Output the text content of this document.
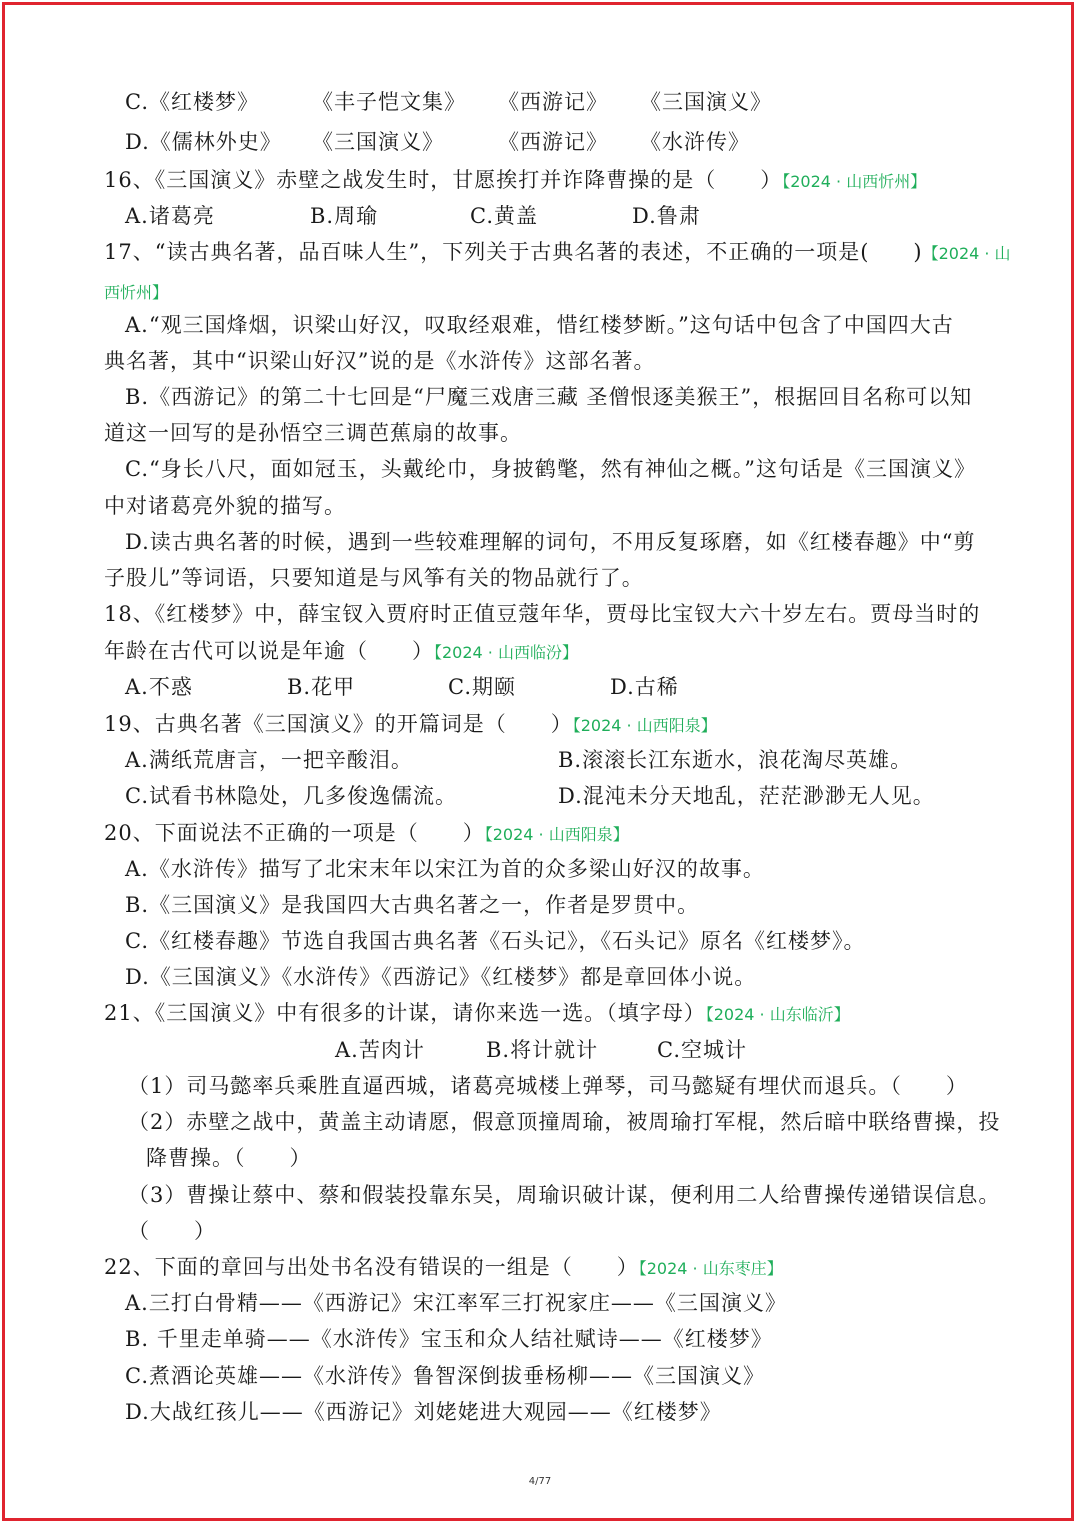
C.《红楼梦》	《丰子恺文集》 《西游记》 《三国演义》
D.《儒林外史》 《三国演义》	《西游记》 《水浒传》
16、《三国演义》赤壁之战发生时，甘愿挨打并诈降曹操的是（　　）【2024 · 山西忻州】
A.诸葛亮	B.周瑜	C.黄盖	D.鲁肃
17、“读古典名著，品百味人生”，下列关于古典名著的表述，不正确的一项是(　　)【2024 · 山
西忻州】
A.“观三国烽烟，识梁山好汉，叹取经艰难，惜红楼梦断。”这句话中包含了中国四大古
典名著，其中“识梁山好汉”说的是《水浒传》这部名著。
B.《西游记》的第二十七回是“尸魔三戏唐三藏 圣僧恨逐美猴王”，根据回目名称可以知
道这一回写的是孙悟空三调芭蕉扇的故事。
C.“身长八尺，面如冠玉，头戴纶巾，身披鹤氅，然有神仙之概。”这句话是《三国演义》
中对诸葛亮外貌的描写。
D.读古典名著的时候，遇到一些较难理解的词句，不用反复琢磨，如《红楼春趣》中“剪
子股儿”等词语，只要知道是与风筝有关的物品就行了。
18、《红楼梦》中，薛宝钗入贾府时正值豆蔻年华，贾母比宝钗大六十岁左右。贾母当时的
年龄在古代可以说是年逾（　　）【2024 · 山西临汾】
A.不惑	B.花甲	C.期颐	D.古稀
19、古典名著《三国演义》的开篇词是（　　）【2024 · 山西阳泉】
A.满纸荒唐言，一把辛酸泪。	B.滚滚长江东逝水，浪花淘尽英雄。
C.试看书林隐处，几多俊逸儒流。	D.混沌未分天地乱，茫茫渺渺无人见。
20、下面说法不正确的一项是（　　）【2024 · 山西阳泉】
A.《水浒传》描写了北宋末年以宋江为首的众多梁山好汉的故事。
B.《三国演义》是我国四大古典名著之一，作者是罗贯中。
C.《红楼春趣》节选自我国古典名著《石头记》，《石头记》原名《红楼梦》。
D.《三国演义》《水浒传》《西游记》《红楼梦》都是章回体小说。
21、《三国演义》中有很多的计谋，请你来选一选。（填字母）【2024 · 山东临沂】
A.苦肉计	B.将计就计	C.空城计
（1）司马懿率兵乘胜直逼西城，诸葛亮城楼上弹琴，司马懿疑有埋伏而退兵。（　　）
（2）赤壁之战中，黄盖主动请愿，假意顶撞周瑜，被周瑜打军棍，然后暗中联络曹操，投
降曹操。（　　）
（3）曹操让蔡中、蔡和假装投靠东吴，周瑜识破计谋，便利用二人给曹操传递错误信息。
（　　）
22、下面的章回与出处书名没有错误的一组是（　　）【2024 · 山东枣庄】
A.三打白骨精——《西游记》宋江率军三打祝家庄——《三国演义》
B. 千里走单骑——《水浒传》宝玉和众人结社赋诗——《红楼梦》
C.煮酒论英雄——《水浒传》鲁智深倒拔垂杨柳——《三国演义》
D.大战红孩儿——《西游记》刘姥姥进大观园——《红楼梦》
4/77
